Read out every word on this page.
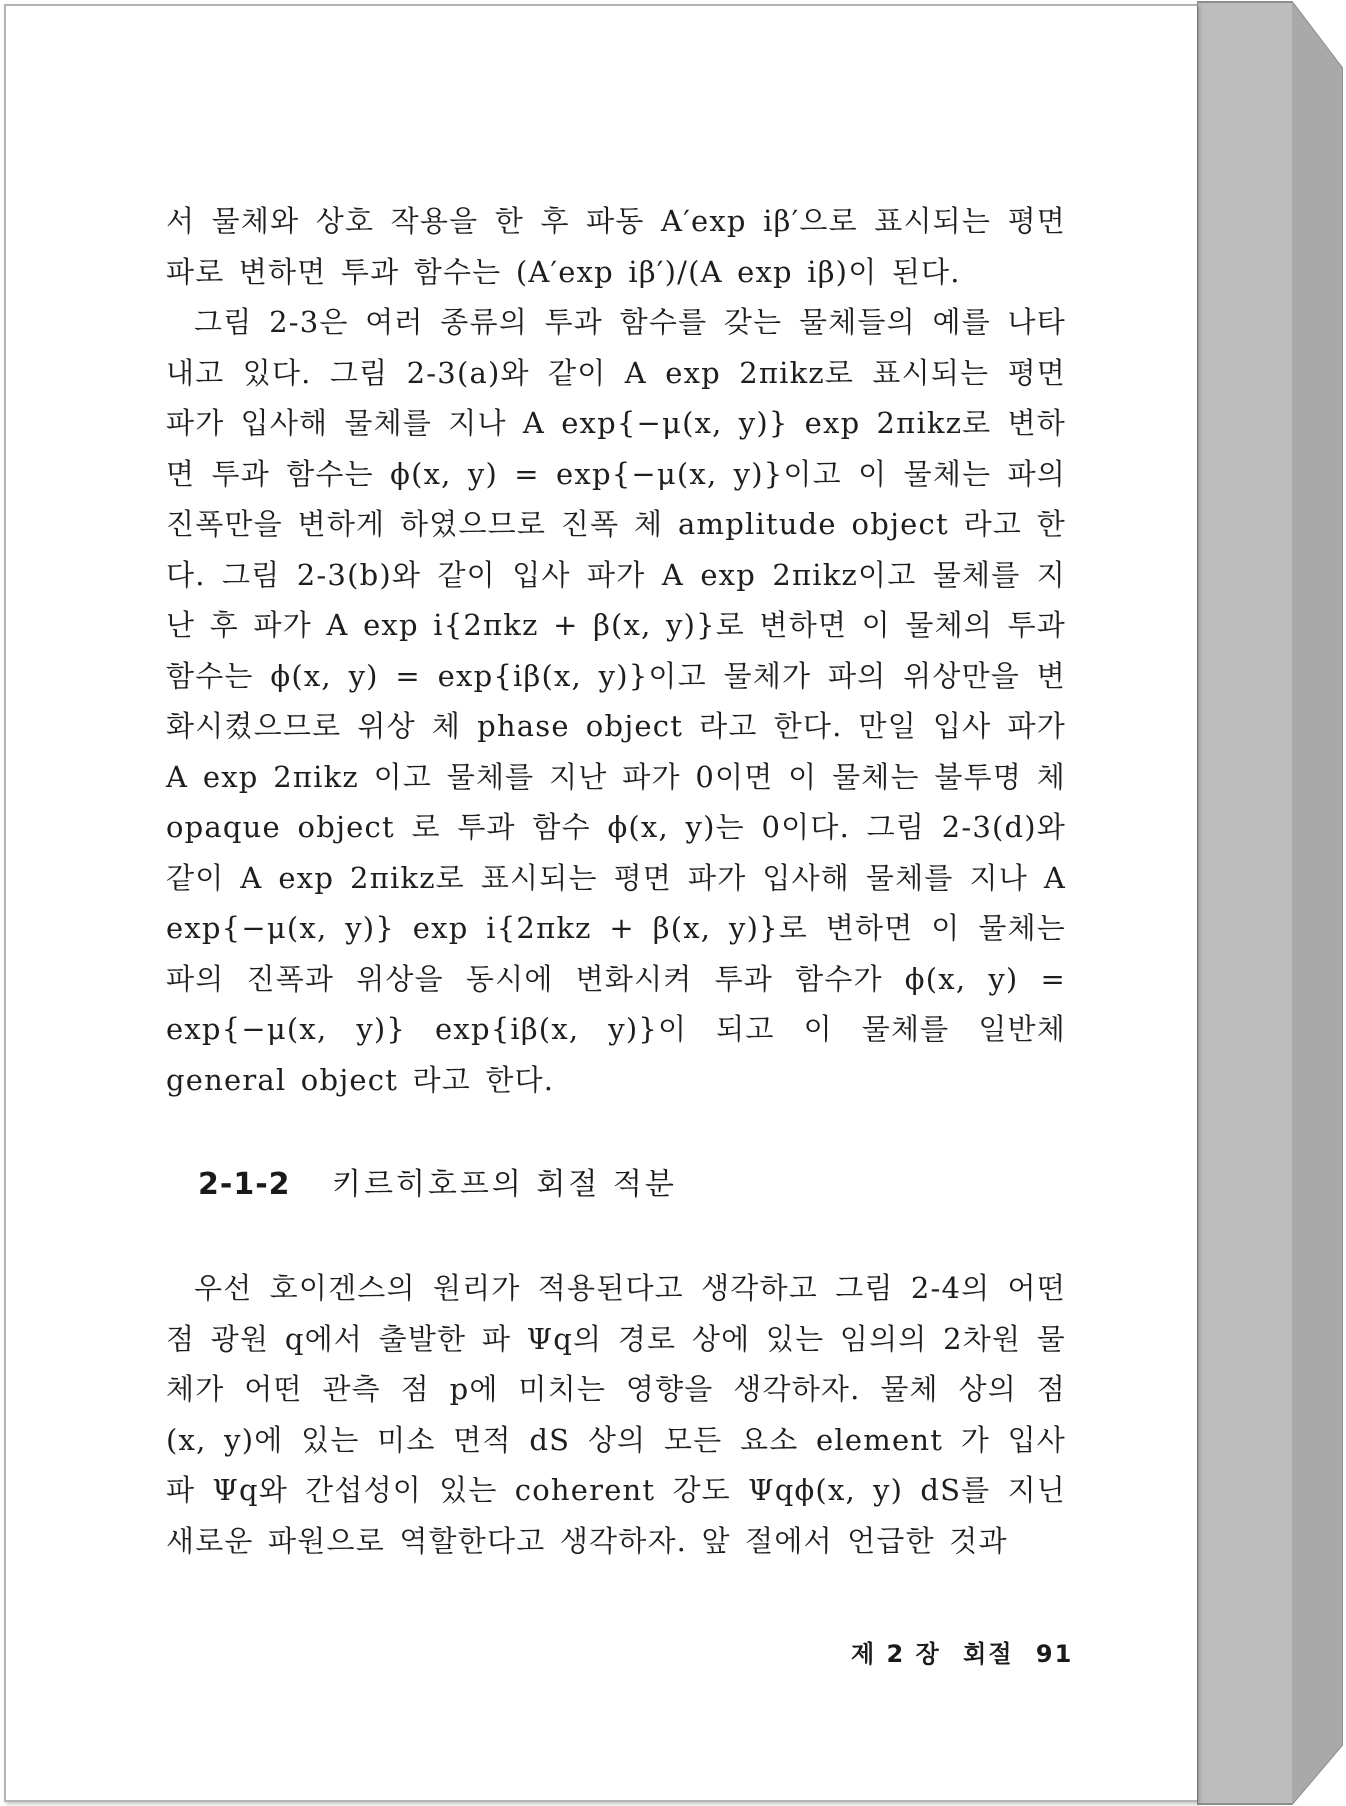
서 물체와 상호 작용을 한 후 파동 A′exp iβ′으로 표시되는 평면 파로 변하면 투과 함수는 (A′exp iβ′)/(A exp iβ)이 된다.

그림 2-3은 여러 종류의 투과 함수를 갖는 물체들의 예를 나타내고 있다. 그림 2-3(a)와 같이 A exp 2πikz로 표시되는 평면 파가 입사해 물체를 지나 A exp{−μ(x, y)} exp 2πikz로 변하면 투과 함수는 ϕ(x, y) = exp{−μ(x, y)}이고 이 물체는 파의 진폭만을 변하게 하였으므로 진폭 체 amplitude object 라고 한다. 그림 2-3(b)와 같이 입사 파가 A exp 2πikz이고 물체를 지난 후 파가 A exp i{2πkz + β(x, y)}로 변하면 이 물체의 투과 함수는 ϕ(x, y) = exp{iβ(x, y)}이고 물체가 파의 위상만을 변화시켰으므로 위상 체 phase object 라고 한다. 만일 입사 파가 A exp 2πikz 이고 물체를 지난 파가 0이면 이 물체는 불투명 체 opaque object 로 투과 함수 ϕ(x, y)는 0이다. 그림 2-3(d)와 같이 A exp 2πikz로 표시되는 평면 파가 입사해 물체를 지나 A exp{−μ(x, y)} exp i{2πkz + β(x, y)}로 변하면 이 물체는 파의 진폭과 위상을 동시에 변화시켜 투과 함수가 ϕ(x, y) = exp{−μ(x, y)} exp{iβ(x, y)}이 되고 이 물체를 일반체 general object 라고 한다.

2-1-2 키르히호프의 회절 적분

우선 호이겐스의 원리가 적용된다고 생각하고 그림 2-4의 어떤 점 광원 q에서 출발한 파 Ψq의 경로 상에 있는 임의의 2차원 물체가 어떤 관측 점 p에 미치는 영향을 생각하자. 물체 상의 점 (x, y)에 있는 미소 면적 dS 상의 모든 요소 element 가 입사 파 Ψq와 간섭성이 있는 coherent 강도 Ψqϕ(x, y) dS를 지닌 새로운 파원으로 역할한다고 생각하자. 앞 절에서 언급한 것과

제 2 장 회절 91
